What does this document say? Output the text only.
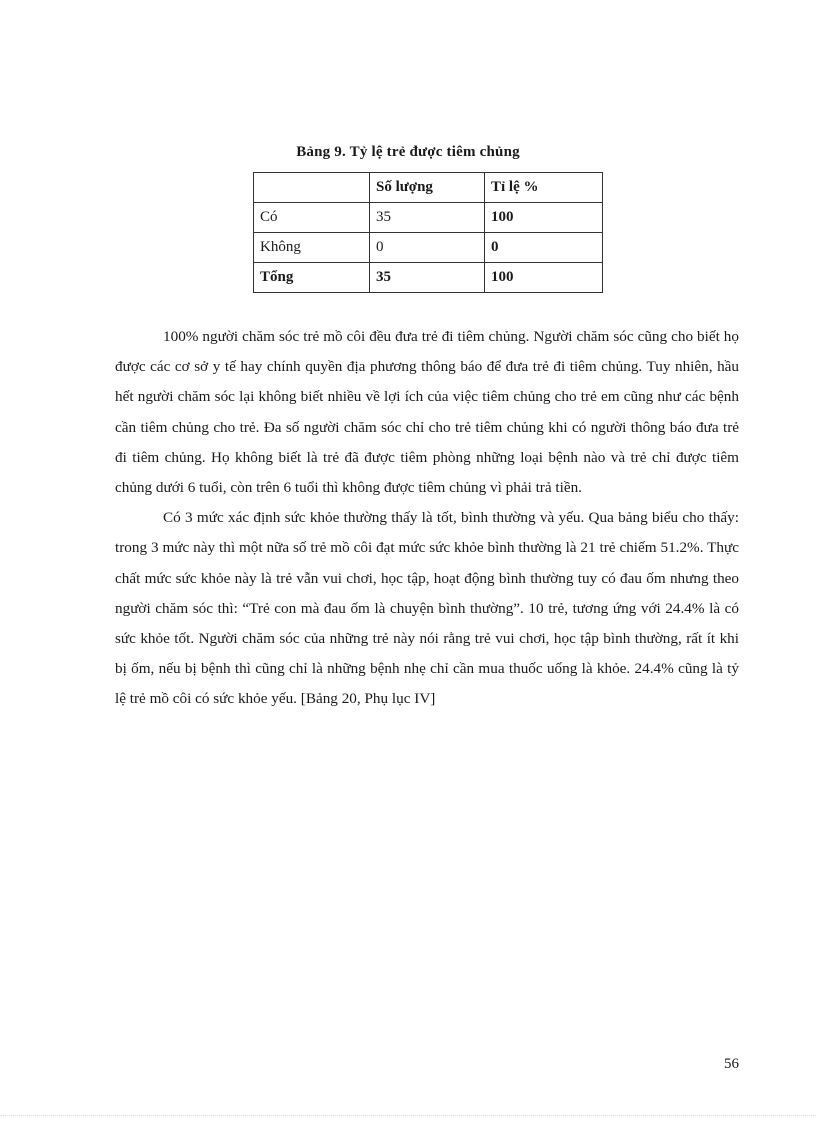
Bảng 9. Tỷ lệ trẻ được tiêm chủng
	Số lượng	Tỉ lệ %
Có	35	100
Không	0	0
Tổng	35	100

100% người chăm sóc trẻ mồ côi đều đưa trẻ đi tiêm chủng. Người chăm sóc cũng cho biết họ được các cơ sở y tế hay chính quyền địa phương thông báo để đưa trẻ đi tiêm chủng. Tuy nhiên, hầu hết người chăm sóc lại không biết nhiều về lợi ích của việc tiêm chủng cho trẻ em cũng như các bệnh cần tiêm chủng cho trẻ. Đa số người chăm sóc chỉ cho trẻ tiêm chủng khi có người thông báo đưa trẻ đi tiêm chủng. Họ không biết là trẻ đã được tiêm phòng những loại bệnh nào và trẻ chỉ được tiêm chủng dưới 6 tuổi, còn trên 6 tuổi thì không được tiêm chủng vì phải trả tiền.

Có 3 mức xác định sức khỏe thường thấy là tốt, bình thường và yếu. Qua bảng biểu cho thấy: trong 3 mức này thì một nữa số trẻ mồ côi đạt mức sức khỏe bình thường là 21 trẻ chiếm 51.2%. Thực chất mức sức khỏe này là trẻ vẫn vui chơi, học tập, hoạt động bình thường tuy có đau ốm nhưng theo người chăm sóc thì: “Trẻ con mà đau ốm là chuyện bình thường”. 10 trẻ, tương ứng với 24.4% là có sức khỏe tốt. Người chăm sóc của những trẻ này nói rằng trẻ vui chơi, học tập bình thường, rất ít khi bị ốm, nếu bị bệnh thì cũng chỉ là những bệnh nhẹ chỉ cần mua thuốc uống là khỏe. 24.4% cũng là tỷ lệ trẻ mồ côi có sức khỏe yếu. [Bảng 20, Phụ lục IV]

56
